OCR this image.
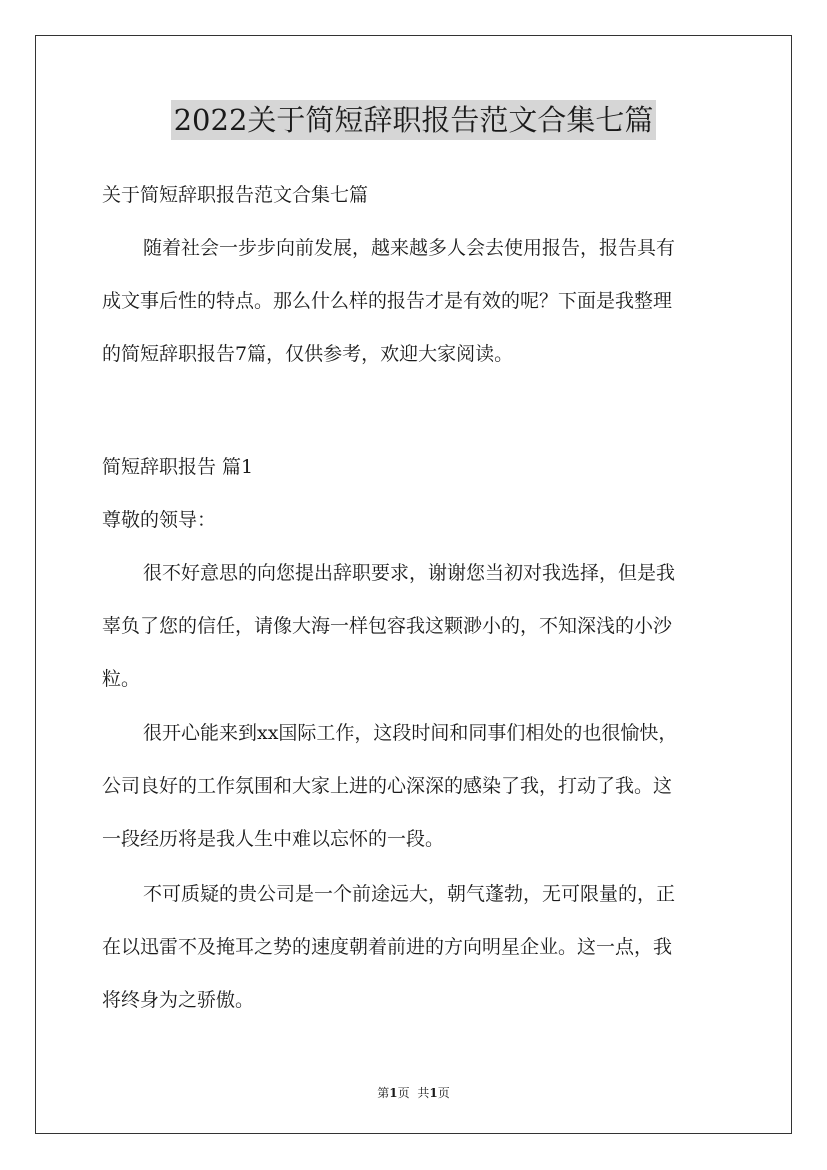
2022关于简短辞职报告范文合集七篇
关于简短辞职报告范文合集七篇
随着社会一步步向前发展，越来越多人会去使用报告，报告具有
成文事后性的特点。那么什么样的报告才是有效的呢？下面是我整理
的简短辞职报告7篇，仅供参考，欢迎大家阅读。
简短辞职报告 篇1
尊敬的领导：
很不好意思的向您提出辞职要求，谢谢您当初对我选择，但是我
辜负了您的信任，请像大海一样包容我这颗渺小的，不知深浅的小沙
粒。
很开心能来到xx国际工作，这段时间和同事们相处的也很愉快，
公司良好的工作氛围和大家上进的心深深的感染了我，打动了我。这
一段经历将是我人生中难以忘怀的一段。
不可质疑的贵公司是一个前途远大，朝气蓬勃，无可限量的，正
在以迅雷不及掩耳之势的速度朝着前进的方向明星企业。这一点，我
将终身为之骄傲。
第1页 共1页
